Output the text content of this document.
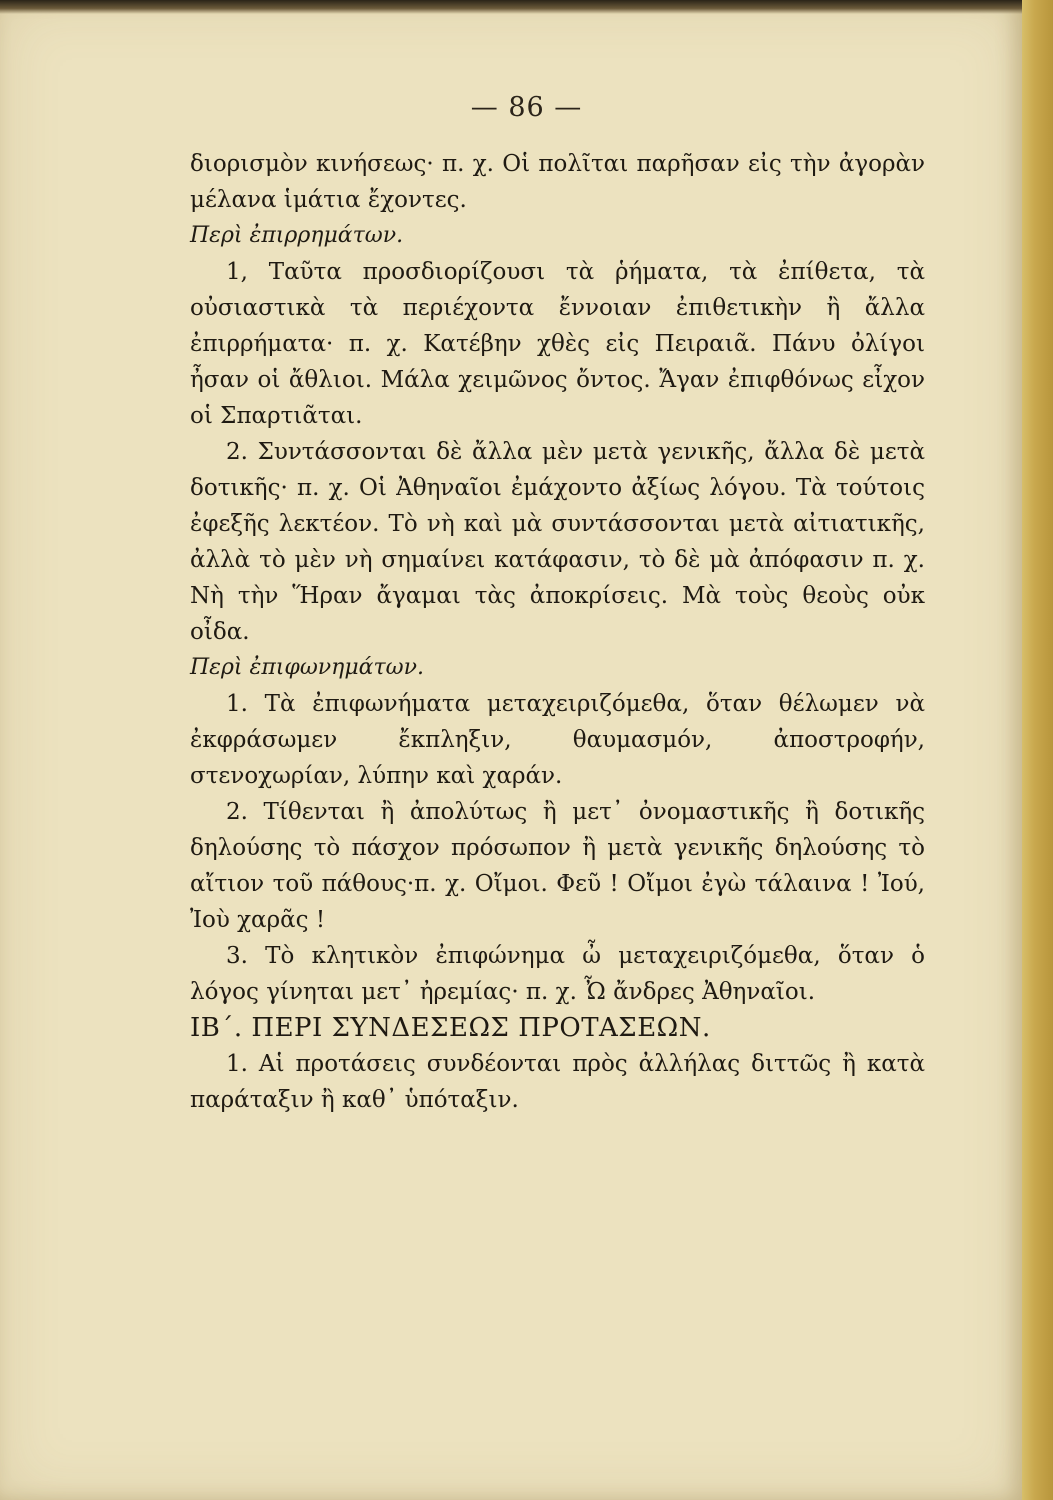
— 86 —

διορισμὸν κινήσεως· π. χ. Οἱ πολῖται παρῆσαν εἰς τὴν ἀγορὰν μέλανα ἱμάτια ἔχοντες.

Περὶ ἐπιρρημάτων.

1, Ταῦτα προσδιορίζουσι τὰ ῥήματα, τὰ ἐπίθετα, τὰ οὐσιαστικὰ τὰ περιέχοντα ἔννοιαν ἐπιθετικὴν ἢ ἄλλα ἐπιρρήματα· π. χ. Κατέβην χθὲς εἰς Πειραιᾶ. Πάνυ ὀλίγοι ἦσαν οἱ ἄθλιοι. Μάλα χειμῶνος ὄντος. Ἄγαν ἐπιφθόνως εἶχον οἱ Σπαρτιᾶται.

2. Συντάσσονται δὲ ἄλλα μὲν μετὰ γενικῆς, ἄλλα δὲ μετὰ δοτικῆς· π. χ. Οἱ Ἀθηναῖοι ἐμάχοντο ἀξίως λόγου. Τὰ τούτοις ἐφεξῆς λεκτέον. Τὸ νὴ καὶ μὰ συντάσσονται μετὰ αἰτιατικῆς, ἀλλὰ τὸ μὲν νὴ σημαίνει κατάφασιν, τὸ δὲ μὰ ἀπόφασιν π. χ. Νὴ τὴν Ἥραν ἄγαμαι τὰς ἀποκρίσεις. Μὰ τοὺς θεοὺς οὐκ οἶδα.

Περὶ ἐπιφωνημάτων.

1. Τὰ ἐπιφωνήματα μεταχειριζόμεθα, ὅταν θέλωμεν νὰ ἐκφράσωμεν ἔκπληξιν, θαυμασμόν, ἀποστροφήν, στενοχωρίαν, λύπην καὶ χαράν.

2. Τίθενται ἢ ἀπολύτως ἢ μετ᾽ ὀνομαστικῆς ἢ δοτικῆς δηλούσης τὸ πάσχον πρόσωπον ἢ μετὰ γενικῆς δηλούσης τὸ αἴτιον τοῦ πάθους·π. χ. Οἴμοι. Φεῦ ! Οἴμοι ἐγὼ τάλαινα ! Ἰού, Ἰοὺ χαρᾶς !

3. Τὸ κλητικὸν ἐπιφώνημα ὦ μεταχειριζόμεθα, ὅταν ὁ λόγος γίνηται μετ᾽ ἠρεμίας· π. χ. Ὦ ἄνδρες Ἀθηναῖοι.

ΙΒ΄. ΠΕΡΙ ΣΥΝΔΕΣΕΩΣ ΠΡΟΤΑΣΕΩΝ.

1. Αἱ προτάσεις συνδέονται πρὸς ἀλλήλας διττῶς ἢ κατὰ παράταξιν ἢ καθ᾽ ὑπόταξιν.
